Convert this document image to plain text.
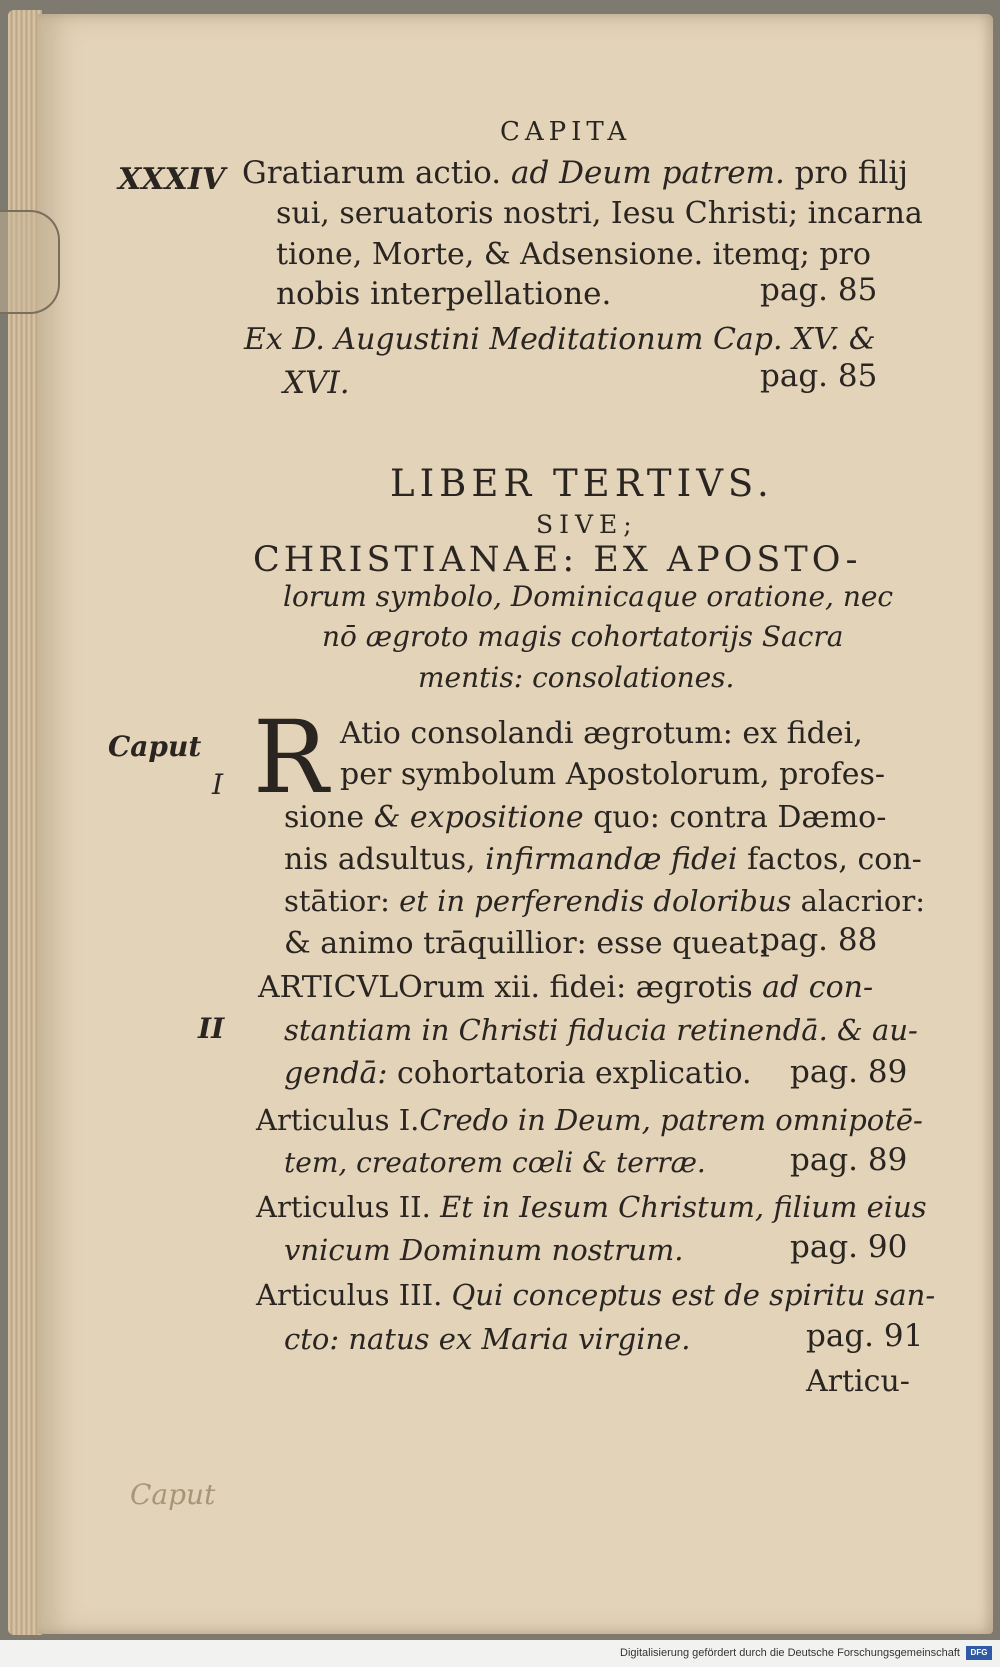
CAPITA
XXXIV Gratiarum actio. ad Deum patrem. pro filij
sui, seruatoris nostri, Iesu Christi; incarna
tione, Morte, & Adsensione. itemq; pro
nobis interpellatione.	pag. 85
Ex D. Augustini Meditationum Cap. XV. &
XVI.	pag. 85
LIBER TERTIVS.
SIVE;
CHRISTIANAE: EX APOSTO-
lorum symbolo, Dominicaque oratione, nec
nō ægroto magis cohortatorijs Sacra
mentis: consolationes.
Caput
I R Atio consolandi ægrotum: ex fidei,
per symbolum Apostolorum, profes-
sione & expositione quo: contra Dæmo-
nis adsultus, infirmandæ fidei factos, con-
stātior: et in perferendis doloribus alacrior:
& animo trāquillior: esse queat.
pag. 88
II
ARTICVLOrum xii. fidei: ægrotis ad con-
stantiam in Christi fiducia retinendā. & au-
gendā: cohortatoria explicatio. pag. 89
Articulus I.Credo in Deum, patrem omnipotē-
tem, creatorem cœli & terræ.	pag. 89
Articulus II. Et in Iesum Christum, filium eius
vnicum Dominum nostrum.	pag. 90
Articulus III. Qui conceptus est de spiritu san-
cto: natus ex Maria virgine.	pag. 91
Articu-
Caput
Digitalisierung gefördert durch die Deutsche Forschungsgemeinschaft	DFG
